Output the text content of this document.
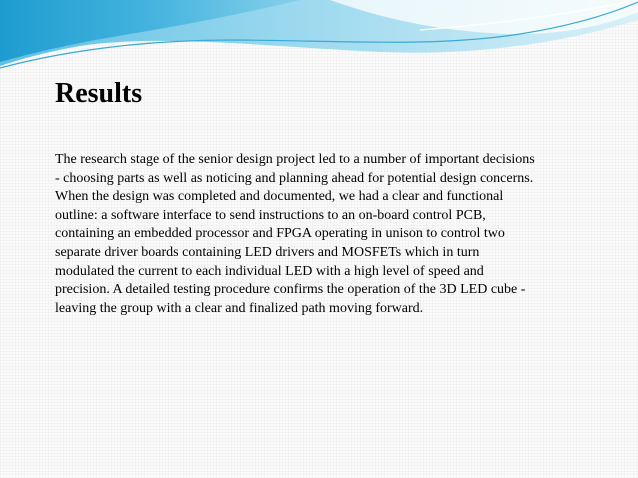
Results

The research stage of the senior design project led to a number of important decisions - choosing parts as well as noticing and planning ahead for potential design concerns. When the design was completed and documented, we had a clear and functional outline: a software interface to send instructions to an on-board control PCB, containing an embedded processor and FPGA operating in unison to control two separate driver boards containing LED drivers and MOSFETs which in turn modulated the current to each individual LED with a high level of speed and precision. A detailed testing procedure confirms the operation of the 3D LED cube - leaving the group with a clear and finalized path moving forward.
